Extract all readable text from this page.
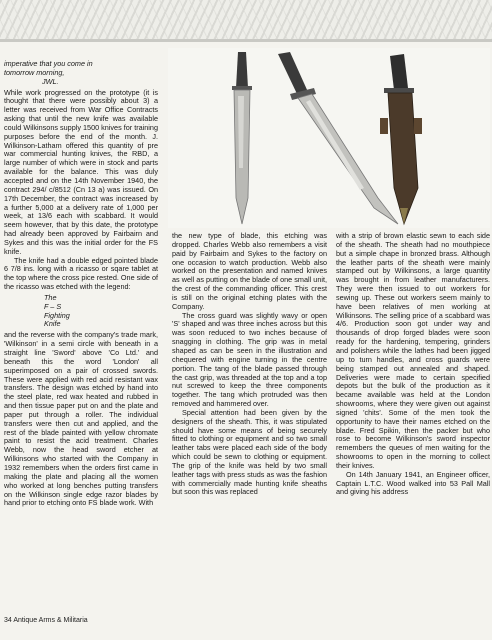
imperative that you come in
tomorrow morning,
JWL.

While work progressed on the prototype (it is thought that there were possibly about 3) a letter was received from War Office Contracts asking that until the new knife was available could Wilkinsons supply 1500 knives for training purposes before the end of the month. J. Wilkinson-Latham offered this quantity of pre war commercial hunting knives, the RBD, a large number of which were in stock and parts available for the balance. This was duly accepted and on the 14th November 1940, the contract 294/ c/8512 (Cn 13 a) was issued. On 17th December, the contract was increased by a further 5,000 at a delivery rate of 1,000 per week, at 13/6 each with scabbard. It would seem however, that by this date, the prototype had already been approved by Fairbairn and Sykes and this was the initial order for the FS knife.

The knife had a double edged pointed blade 6 7/8 ins. long with a ricasso or sqare tablet at the top where the cross pice rested. One side of the ricasso was etched with the legend:

The
F – S
Fighting
Knife

and the reverse with the company's trade mark, 'Wilkinson' in a semi circle with beneath in a straight line 'Sword' above 'Co Ltd.' and beneath this the word 'London' all superimposed on a pair of crossed swords. These were applied with red acid resistant wax transfers. The design was etched by hand into the steel plate, red wax heated and rubbed in and then tissue paper put on and the plate and paper put through a roller. The individual transfers were then cut and applied, and the rest of the blade painted with yellow chromate paint to resist the acid treatment. Charles Webb, now the head sword etcher at Wilkinsons who started with the Company in 1932 remembers when the orders first came in making the plate and placing all the women who worked at long benches putting transfers on the Wilkinson single edge razor blades by hand prior to etching onto FS blade work. With

the new type of blade, this etching was dropped. Charles Webb also remembers a visit paid by Fairbairn and Sykes to the factory on one occasion to watch production. Webb also worked on the presentation and named knives as well as putting on the blade of one small unit, the crest of the commanding officer. This crest is still on the original etching plates with the Company.

The cross guard was slightly wavy or open 'S' shaped and was three inches across but this was soon reduced to two inches because of snagging in clothing. The grip was in metal shaped as can be seen in the illustration and chequered with engine turning in the centre portion. The tang of the blade passed through the cast grip, was threaded at the top and a top nut screwed to keep the three components together. The tang which protruded was then removed and hammered over.

Special attention had been given by the designers of the sheath. This, it was stipulated should have some means of being securely fitted to clothing or equipment and so two small leather tabs were placed each side of the body which could be sewn to clothing or equipment. The grip of the knife was held by two small leather tags with press studs as was the fashion with commercially made hunting knife sheaths but soon this was replaced

with a strip of brown elastic sewn to each side of the sheath. The sheath had no mouthpiece but a simple chape in bronzed brass. Although the leather parts of the sheath were mainly stamped out by Wilkinsons, a large quantity was brought in from leather manufacturers. They were then issued to out workers for sewing up. These out workers seem mainly to have been relatives of men working at Wilkinsons. The selling price of a scabbard was 4/6. Production soon got under way and thousands of drop forged blades were soon ready for the hardening, tempering, grinders and polishers while the lathes had been jigged up to turn handles, and cross guards were being stamped out annealed and shaped. Deliveries were made to certain specified depots but the bulk of the production as it became available was held at the London showrooms, where they were given out against signed 'chits'. Some of the men took the opportunity to have their names etched on the blade. Fred Spikin, then the packer but who rose to become Wilkinson's sword inspector remembers the queues of men waiting for the showrooms to open in the morning to collect their knives.

On 14th January 1941, an Engineer officer, Captain L.T.C. Wood walked into 53 Pall Mall and giving his address

34 Antique Arms & Militaria
